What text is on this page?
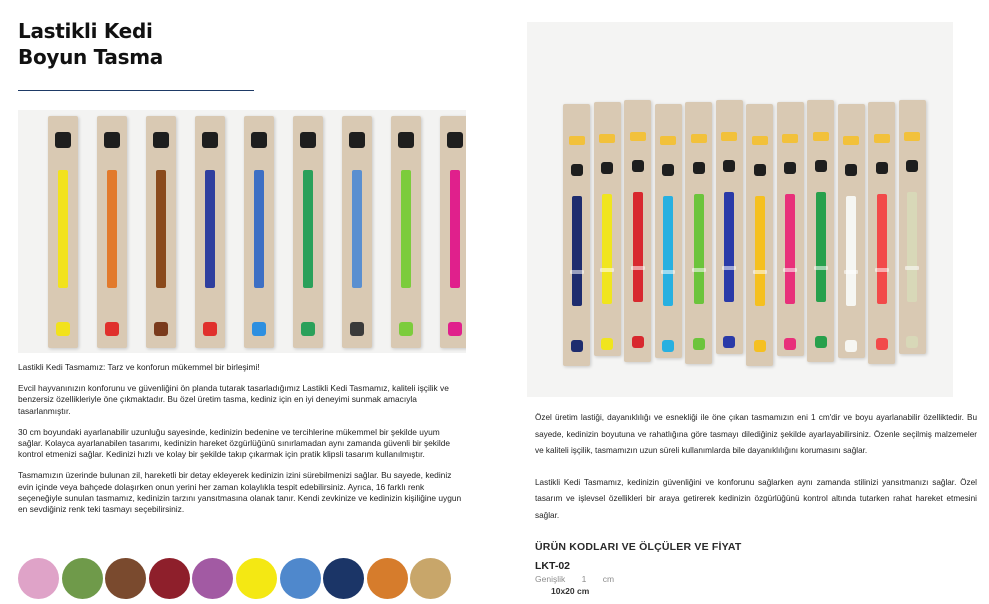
Lastikli Kedi
Boyun Tasma

Lastikli Kedi Tasmamız: Tarz ve konforun mükemmel bir birleşimi!

Evcil hayvanınızın konforunu ve güvenliğini ön planda tutarak tasarladığımız Lastikli Kedi Tasmamız, kaliteli işçilik ve benzersiz özellikleriyle öne çıkmaktadır. Bu özel üretim tasma, kediniz için en iyi deneyimi sunmak amacıyla tasarlanmıştır.

30 cm boyundaki ayarlanabilir uzunluğu sayesinde, kedinizin bedenine ve tercihlerine mükemmel bir şekilde uyum sağlar. Kolayca ayarlanabilen tasarımı, kedinizin hareket özgürlüğünü sınırlamadan aynı zamanda güvenli bir şekilde kontrol etmenizi sağlar. Kedinizi hızlı ve kolay bir şekilde takıp çıkarmak için pratik klipsli tasarım kullanılmıştır.

Tasmamızın üzerinde bulunan zil, hareketli bir detay ekleyerek kedinizin izini sürebilmenizi sağlar. Bu sayede, kediniz evin içinde veya bahçede dolaşırken onun yerini her zaman kolaylıkla tespit edebilirsiniz. Ayrıca, 16 farklı renk seçeneğiyle sunulan tasmamız, kedinizin tarzını yansıtmasına olanak tanır. Kendi zevkinize ve kedinizin kişiliğine uygun en sevdiğiniz renk teki tasmayı seçebilirsiniz.

Özel üretim lastiği, dayanıklılığı ve esnekliği ile öne çıkan tasmamızın eni 1 cm'dir ve boyu ayarlanabilir özelliktedir. Bu sayede, kedinizin boyutuna ve rahatlığına göre tasmayı dilediğiniz şekilde ayarlayabilirsiniz. Özenle seçilmiş malzemeler ve kaliteli işçilik, tasmamızın uzun süreli kullanımlarda bile dayanıklılığını korumasını sağlar.

Lastikli Kedi Tasmamız, kedinizin güvenliğini ve konforunu sağlarken aynı zamanda stilinizi yansıtmanızı sağlar. Özel tasarım ve işlevsel özellikleri bir araya getirerek kedinizin özgürlüğünü kontrol altında tutarken rahat hareket etmesini sağlar.

ÜRÜN KODLARI VE ÖLÇÜLER VE FİYAT
LKT-02
Genişlik 1 cm
10x20 cm
